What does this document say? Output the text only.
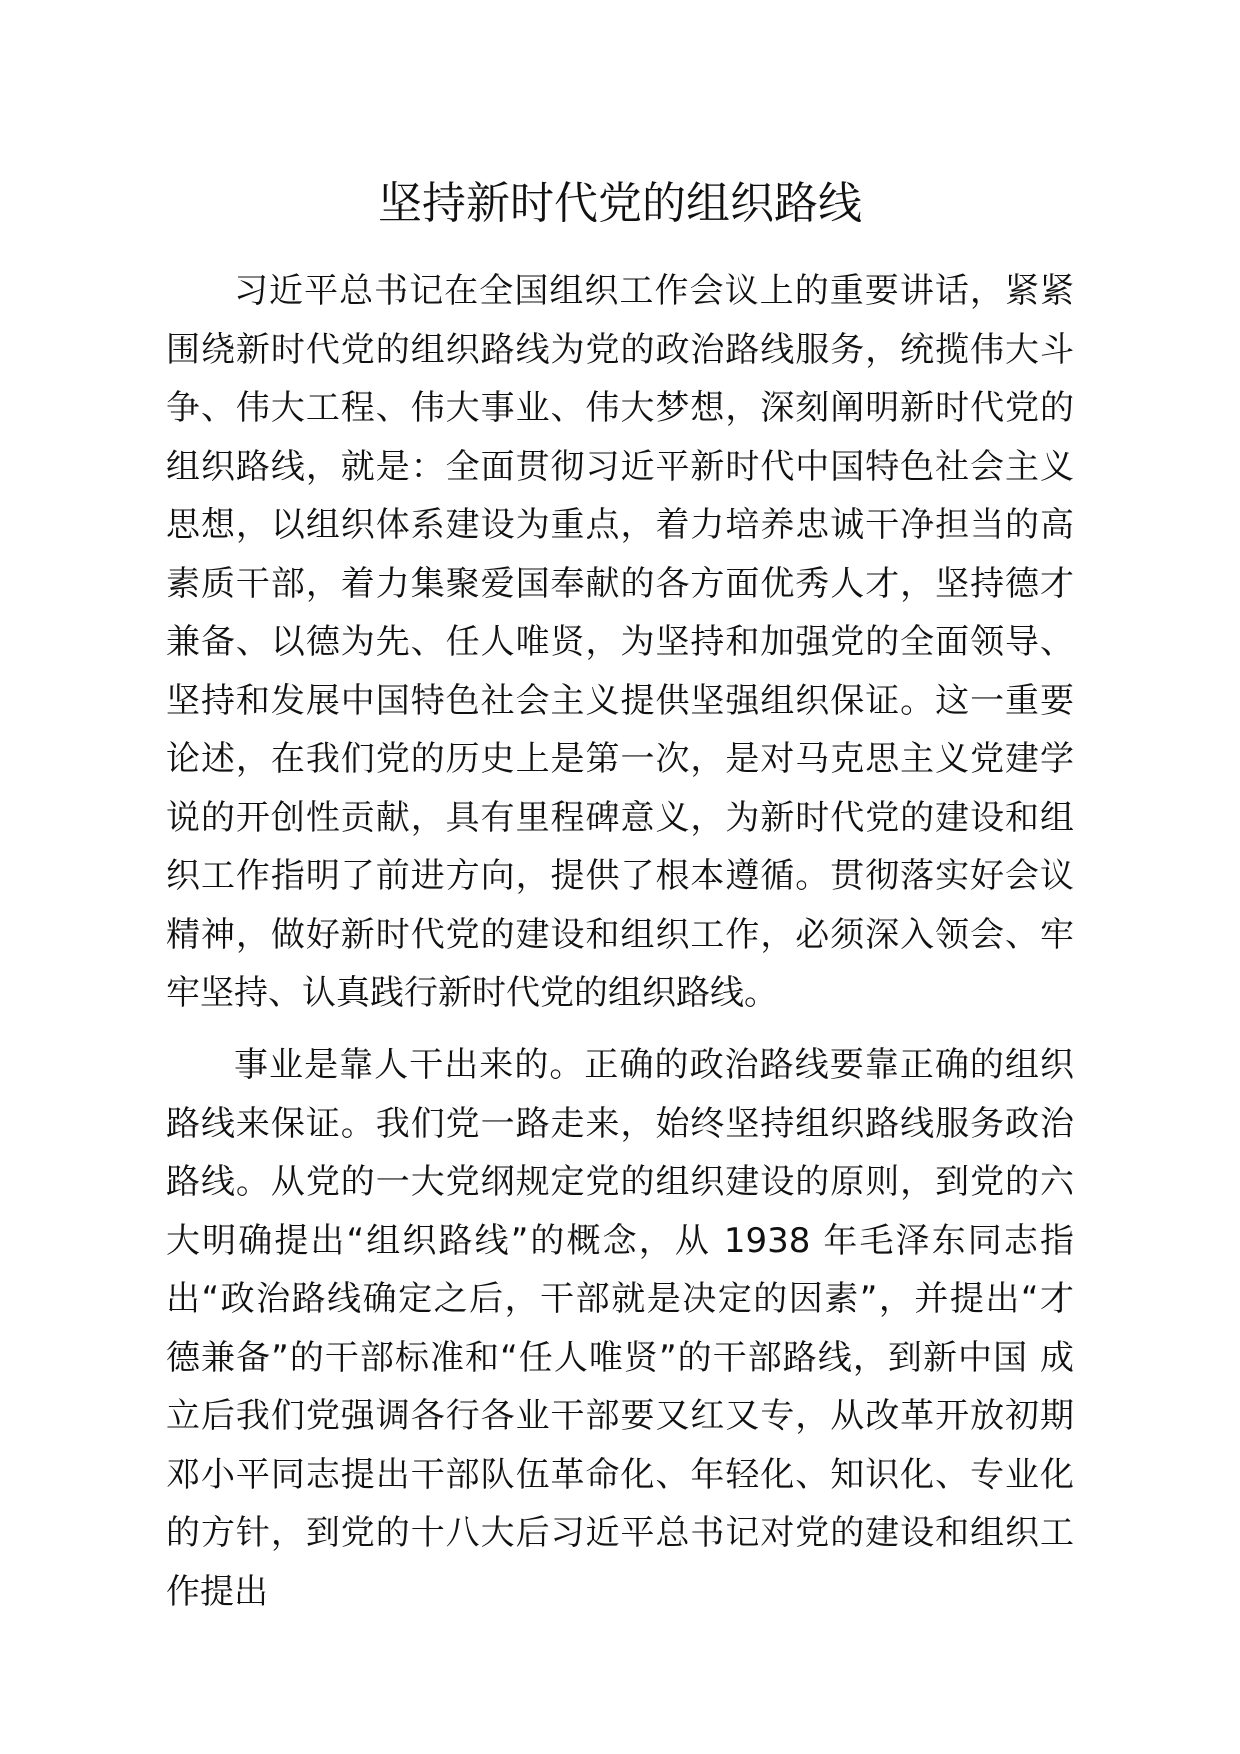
坚持新时代党的组织路线

习近平总书记在全国组织工作会议上的重要讲话，紧紧围绕新时代党的组织路线为党的政治路线服务，统揽伟大斗争、伟大工程、伟大事业、伟大梦想，深刻阐明新时代党的组织路线，就是：全面贯彻习近平新时代中国特色社会主义思想，以组织体系建设为重点，着力培养忠诚干净担当的高素质干部，着力集聚爱国奉献的各方面优秀人才，坚持德才兼备、以德为先、任人唯贤，为坚持和加强党的全面领导、坚持和发展中国特色社会主义提供坚强组织保证。这一重要论述，在我们党的历史上是第一次，是对马克思主义党建学说的开创性贡献，具有里程碑意义，为新时代党的建设和组织工作指明了前进方向，提供了根本遵循。贯彻落实好会议精神，做好新时代党的建设和组织工作，必须深入领会、牢牢坚持、认真践行新时代党的组织路线。

事业是靠人干出来的。正确的政治路线要靠正确的组织路线来保证。我们党一路走来，始终坚持组织路线服务政治路线。从党的一大党纲规定党的组织建设的原则，到党的六大明确提出“组织路线”的概念，从 1938 年毛泽东同志指出“政治路线确定之后，干部就是决定的因素”，并提出“才 德兼备”的干部标准和“任人唯贤”的干部路线，到新中国 成立后我们党强调各行各业干部要又红又专，从改革开放初期邓小平同志提出干部队伍革命化、年轻化、知识化、专业化的方针，到党的十八大后习近平总书记对党的建设和组织工作提出
